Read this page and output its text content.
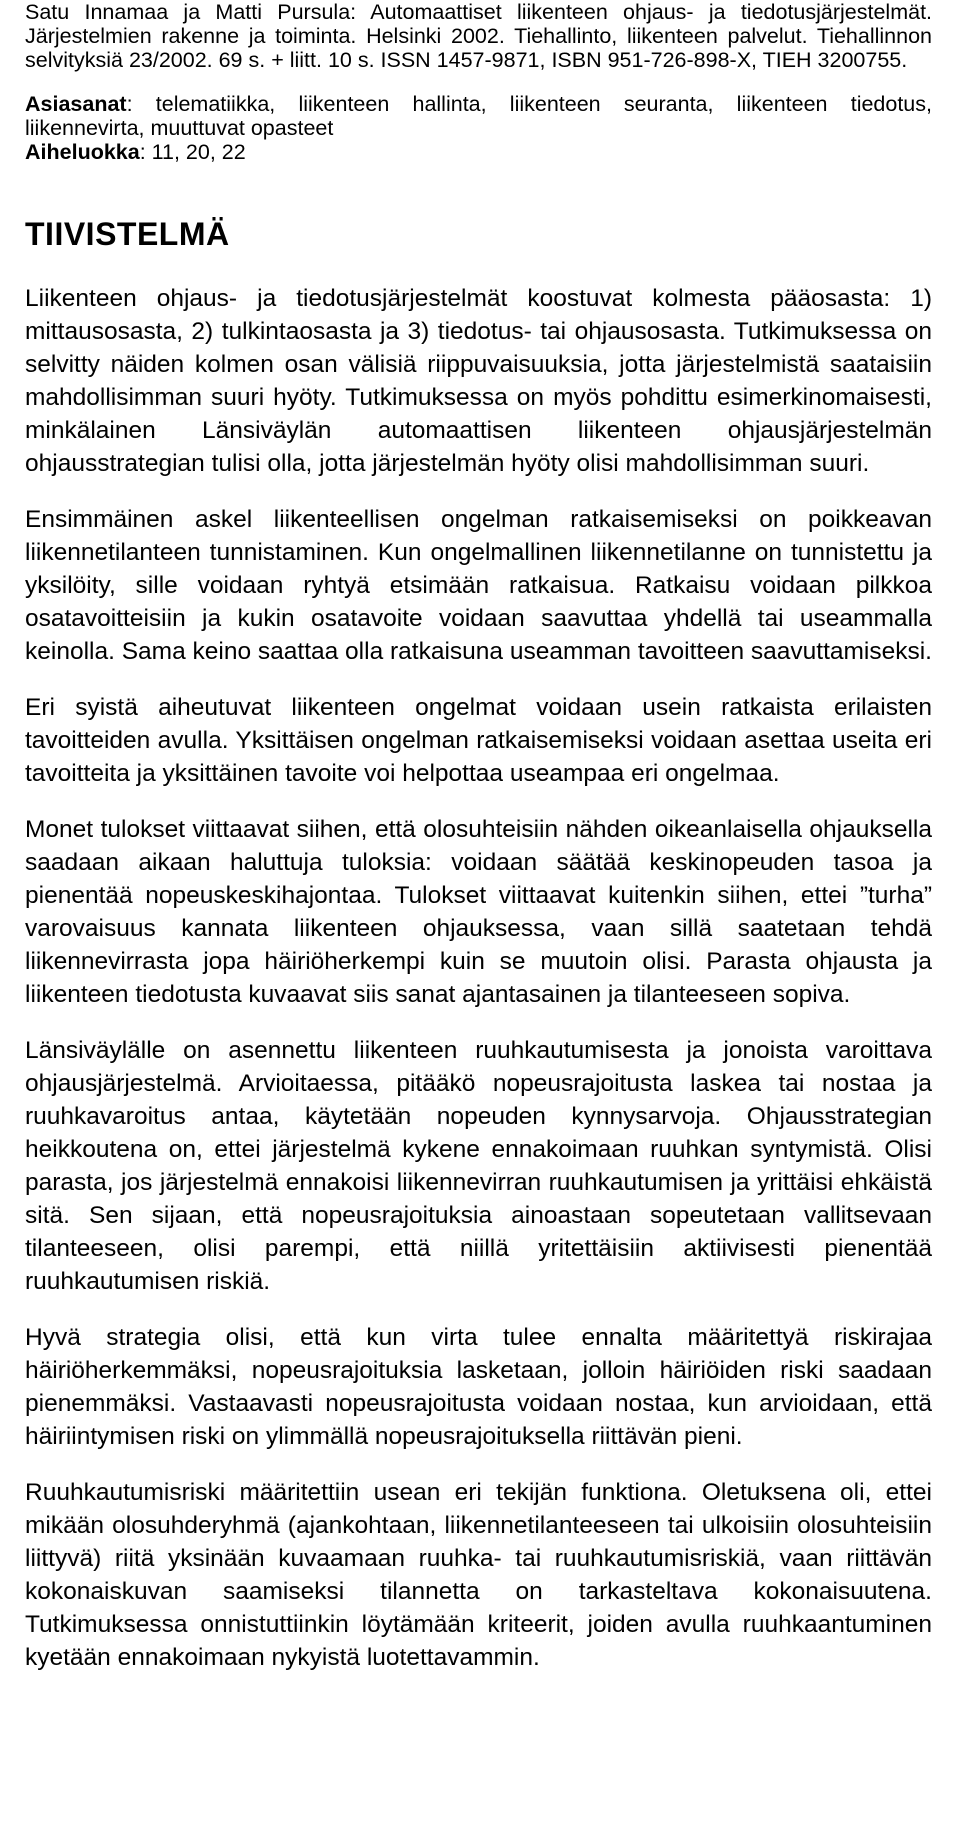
Satu Innamaa ja Matti Pursula: Automaattiset liikenteen ohjaus- ja tiedotusjärjestelmät. Järjestelmien rakenne ja toiminta. Helsinki 2002. Tiehallinto, liikenteen palvelut. Tiehallinnon selvityksiä 23/2002. 69 s. + liitt. 10 s. ISSN 1457-9871, ISBN 951-726-898-X, TIEH 3200755.

Asiasanat: telematiikka, liikenteen hallinta, liikenteen seuranta, liikenteen tiedotus, liikennevirta, muuttuvat opasteet

Aiheluokka: 11, 20, 22

TIIVISTELMÄ

Liikenteen ohjaus- ja tiedotusjärjestelmät koostuvat kolmesta pääosasta: 1) mittausosasta, 2) tulkintaosasta ja 3) tiedotus- tai ohjausosasta. Tutkimuksessa on selvitty näiden kolmen osan välisiä riippuvaisuuksia, jotta järjestelmistä saataisiin mahdollisimman suuri hyöty. Tutkimuksessa on myös pohdittu esimerkinomaisesti, minkälainen Länsiväylän automaattisen liikenteen ohjausjärjestelmän ohjausstrategian tulisi olla, jotta järjestelmän hyöty olisi mahdollisimman suuri.

Ensimmäinen askel liikenteellisen ongelman ratkaisemiseksi on poikkeavan liikennetilanteen tunnistaminen. Kun ongelmallinen liikennetilanne on tunnistettu ja yksilöity, sille voidaan ryhtyä etsimään ratkaisua. Ratkaisu voidaan pilkkoa osatavoitteisiin ja kukin osatavoite voidaan saavuttaa yhdellä tai useammalla keinolla. Sama keino saattaa olla ratkaisuna useamman tavoitteen saavuttamiseksi.

Eri syistä aiheutuvat liikenteen ongelmat voidaan usein ratkaista erilaisten tavoitteiden avulla. Yksittäisen ongelman ratkaisemiseksi voidaan asettaa useita eri tavoitteita ja yksittäinen tavoite voi helpottaa useampaa eri ongelmaa.

Monet tulokset viittaavat siihen, että olosuhteisiin nähden oikeanlaisella ohjauksella saadaan aikaan haluttuja tuloksia: voidaan säätää keskinopeuden tasoa ja pienentää nopeuskeskihajontaa. Tulokset viittaavat kuitenkin siihen, ettei ”turha” varovaisuus kannata liikenteen ohjauksessa, vaan sillä saatetaan tehdä liikennevirrasta jopa häiriöherkempi kuin se muutoin olisi. Parasta ohjausta ja liikenteen tiedotusta kuvaavat siis sanat ajantasainen ja tilanteeseen sopiva.

Länsiväylälle on asennettu liikenteen ruuhkautumisesta ja jonoista varoittava ohjausjärjestelmä. Arvioitaessa, pitääkö nopeusrajoitusta laskea tai nostaa ja ruuhkavaroitus antaa, käytetään nopeuden kynnysarvoja. Ohjausstrategian heikkoutena on, ettei järjestelmä kykene ennakoimaan ruuhkan syntymistä. Olisi parasta, jos järjestelmä ennakoisi liikennevirran ruuhkautumisen ja yrittäisi ehkäistä sitä. Sen sijaan, että nopeusrajoituksia ainoastaan sopeutetaan vallitsevaan tilanteeseen, olisi parempi, että niillä yritettäisiin aktiivisesti pienentää ruuhkautumisen riskiä.

Hyvä strategia olisi, että kun virta tulee ennalta määritettyä riskirajaa häiriöherkemmäksi, nopeusrajoituksia lasketaan, jolloin häiriöiden riski saadaan pienemmäksi. Vastaavasti nopeusrajoitusta voidaan nostaa, kun arvioidaan, että häiriintymisen riski on ylimmällä nopeusrajoituksella riittävän pieni.

Ruuhkautumisriski määritettiin usean eri tekijän funktiona. Oletuksena oli, ettei mikään olosuhderyhmä (ajankohtaan, liikennetilanteeseen tai ulkoisiin olosuhteisiin liittyvä) riitä yksinään kuvaamaan ruuhka- tai ruuhkautumisriskiä, vaan riittävän kokonaiskuvan saamiseksi tilannetta on tarkasteltava kokonaisuutena. Tutkimuksessa onnistuttiinkin löytämään kriteerit, joiden avulla ruuhkaantuminen kyetään ennakoimaan nykyistä luotettavammin.
